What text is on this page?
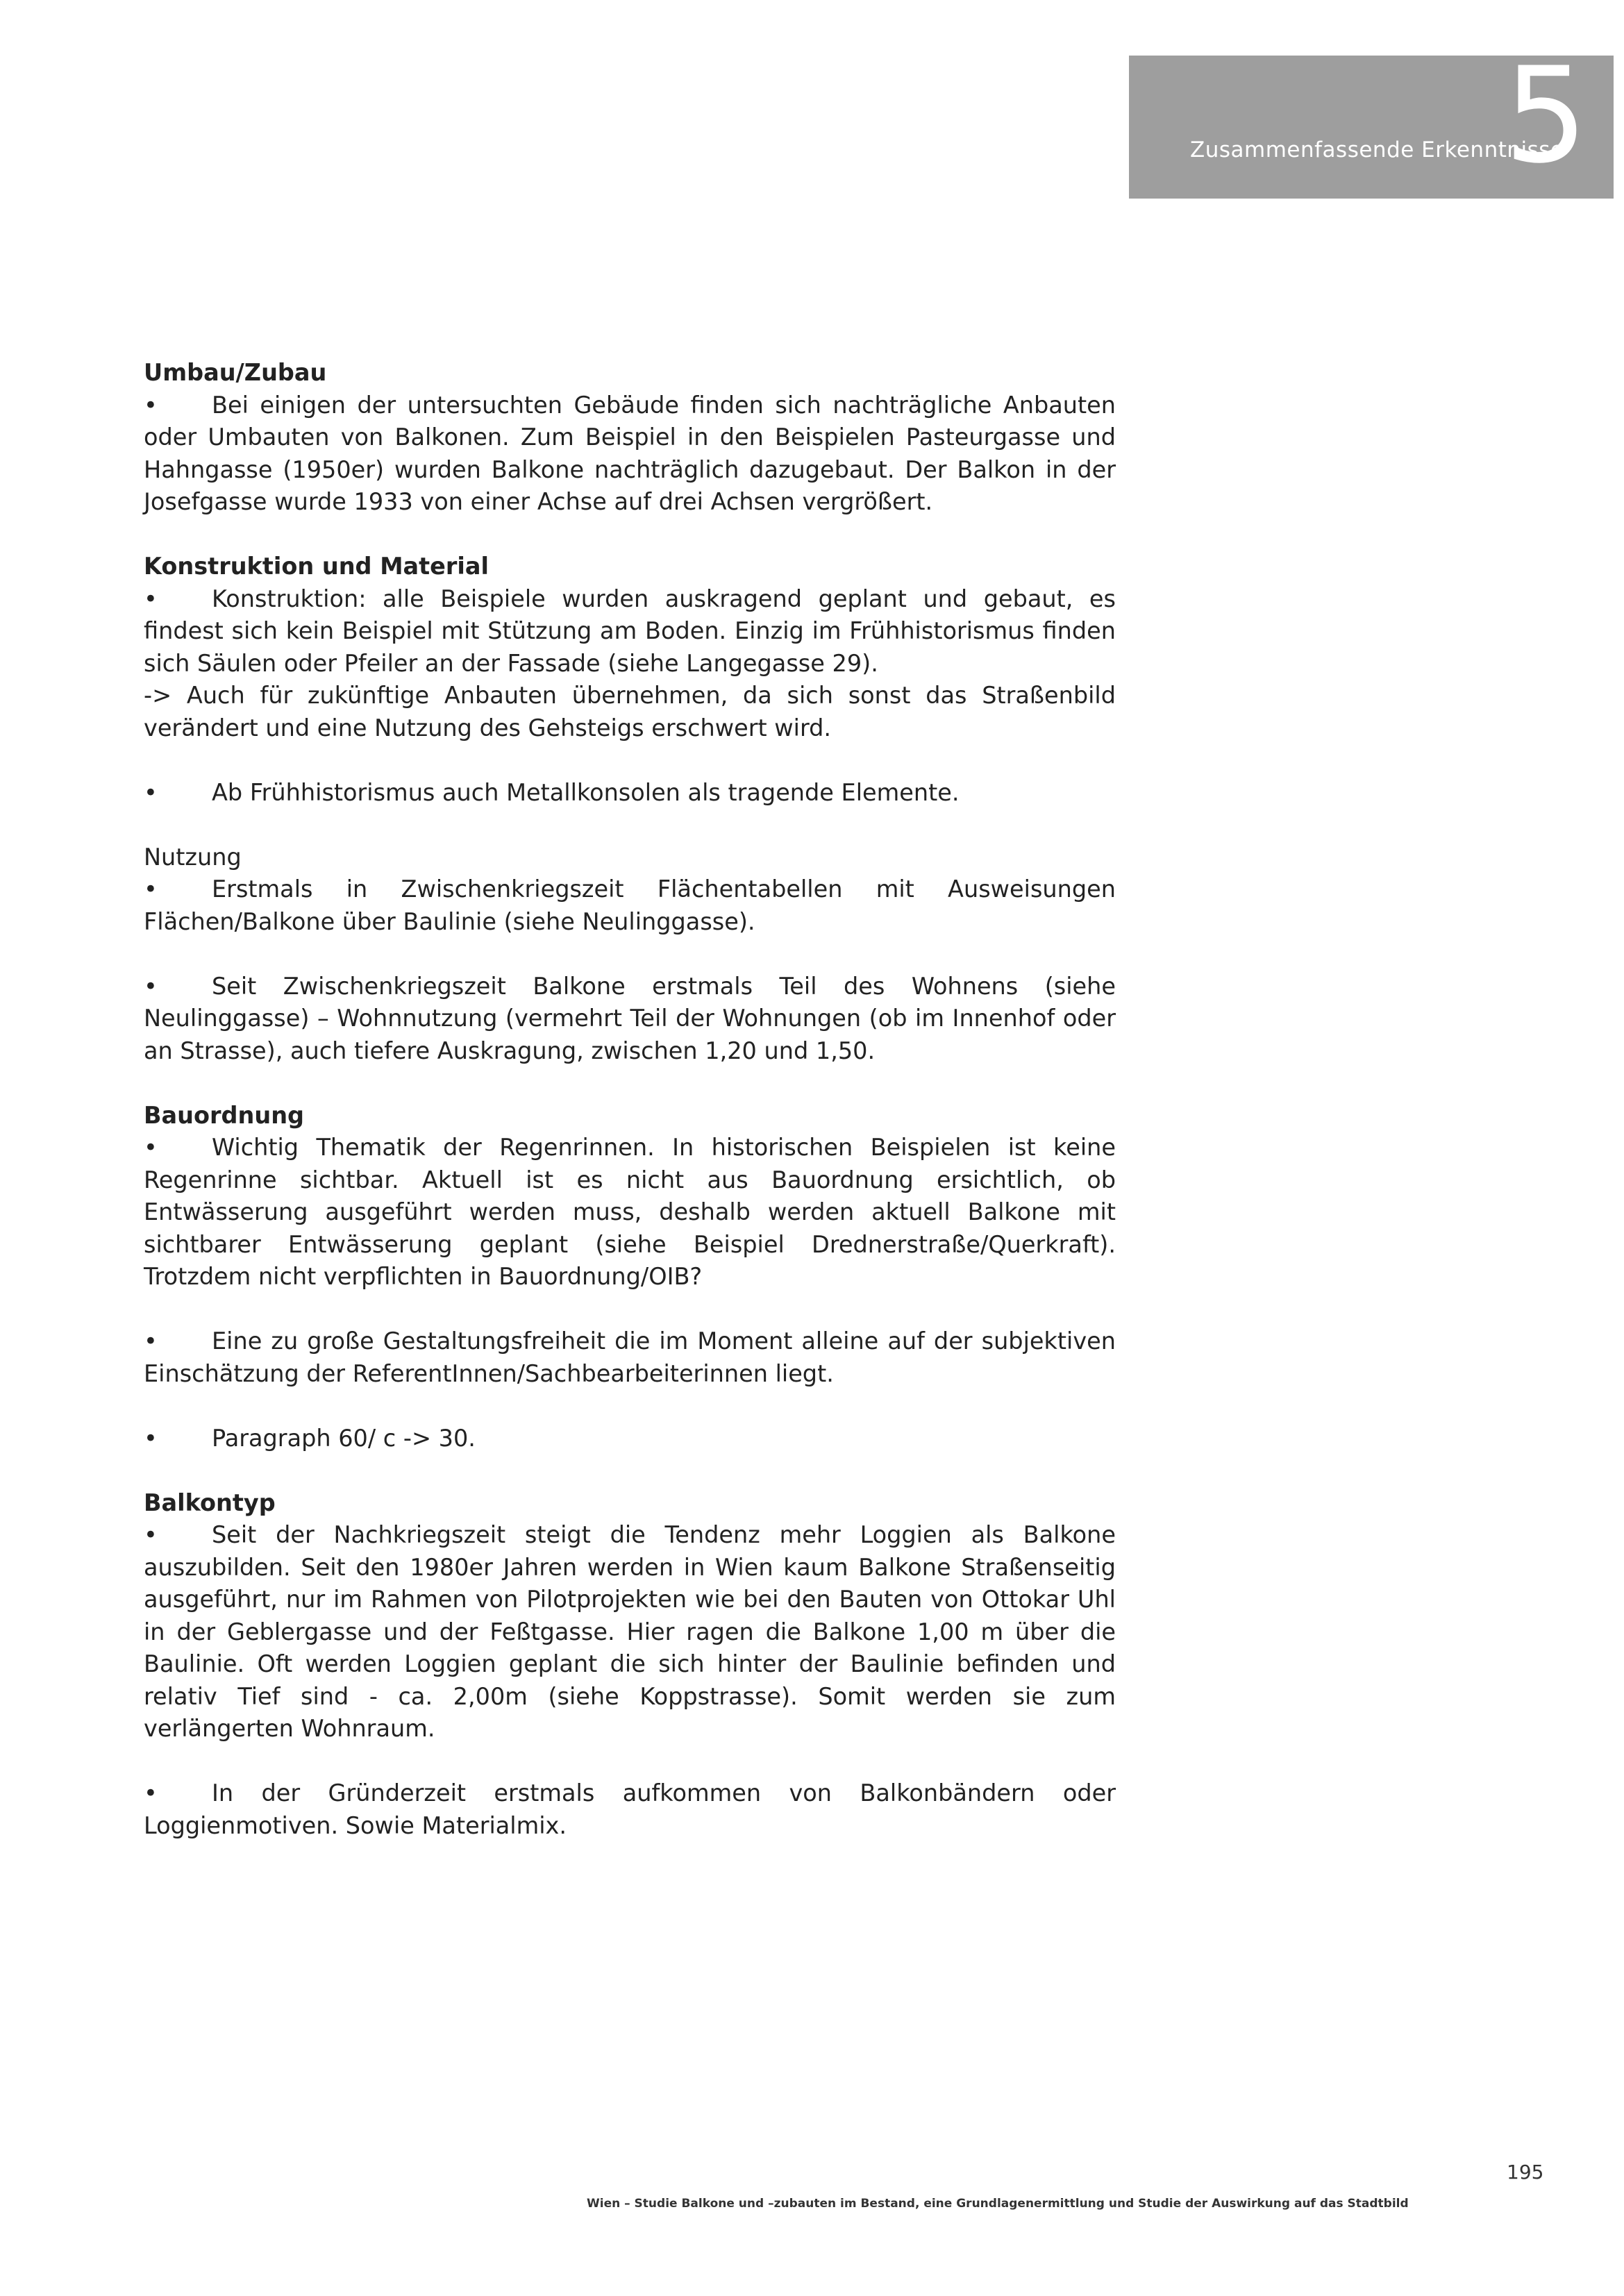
Zusammenfassende Erkenntnisse
5
Umbau/Zubau

• Bei einigen der untersuchten Gebäude finden sich nachträgliche Anbauten oder Umbauten von Balkonen. Zum Beispiel in den Beispielen Pasteurgasse und Hahngasse (1950er) wurden Balkone nachträglich dazugebaut. Der Balkon in der Josefgasse wurde 1933 von einer Achse auf drei Achsen vergrößert.

Konstruktion und Material

• Konstruktion: alle Beispiele wurden auskragend geplant und gebaut, es findest sich kein Beispiel mit Stützung am Boden. Einzig im Frühhistorismus finden sich Säulen oder Pfeiler an der Fassade (siehe Langegasse 29).

-> Auch für zukünftige Anbauten übernehmen, da sich sonst das Straßenbild verändert und eine Nutzung des Gehsteigs erschwert wird.

• Ab Frühhistorismus auch Metallkonsolen als tragende Elemente.

Nutzung

• Erstmals in Zwischenkriegszeit Flächentabellen mit Ausweisungen Flächen/Balkone über Baulinie (siehe Neulinggasse).

• Seit Zwischenkriegszeit Balkone erstmals Teil des Wohnens (siehe Neulinggasse) – Wohnnutzung (vermehrt Teil der Wohnungen (ob im Innenhof oder an Strasse), auch tiefere Auskragung, zwischen 1,20 und 1,50.

Bauordnung

• Wichtig Thematik der Regenrinnen. In historischen Beispielen ist keine Regenrinne sichtbar. Aktuell ist es nicht aus Bauordnung ersichtlich, ob Entwässerung ausgeführt werden muss, deshalb werden aktuell Balkone mit sichtbarer Entwässerung geplant (siehe Beispiel Drednerstraße/Querkraft). Trotzdem nicht verpflichten in Bauordnung/OIB?

• Eine zu große Gestaltungsfreiheit die im Moment alleine auf der subjektiven Einschätzung der ReferentInnen/Sachbearbeiterinnen liegt.

• Paragraph 60/ c -> 30.

Balkontyp

• Seit der Nachkriegszeit steigt die Tendenz mehr Loggien als Balkone auszubilden. Seit den 1980er Jahren werden in Wien kaum Balkone Straßenseitig ausgeführt, nur im Rahmen von Pilotprojekten wie bei den Bauten von Ottokar Uhl in der Geblergasse und der Feßtgasse. Hier ragen die Balkone 1,00 m über die Baulinie. Oft werden Loggien geplant die sich hinter der Baulinie befinden und relativ Tief sind - ca. 2,00m (siehe Koppstrasse). Somit werden sie zum verlängerten Wohnraum.

• In der Gründerzeit erstmals aufkommen von Balkonbändern oder Loggienmotiven. Sowie Materialmix.

195
Wien – Studie Balkone und –zubauten im Bestand, eine Grundlagenermittlung und Studie der Auswirkung auf das Stadtbild
